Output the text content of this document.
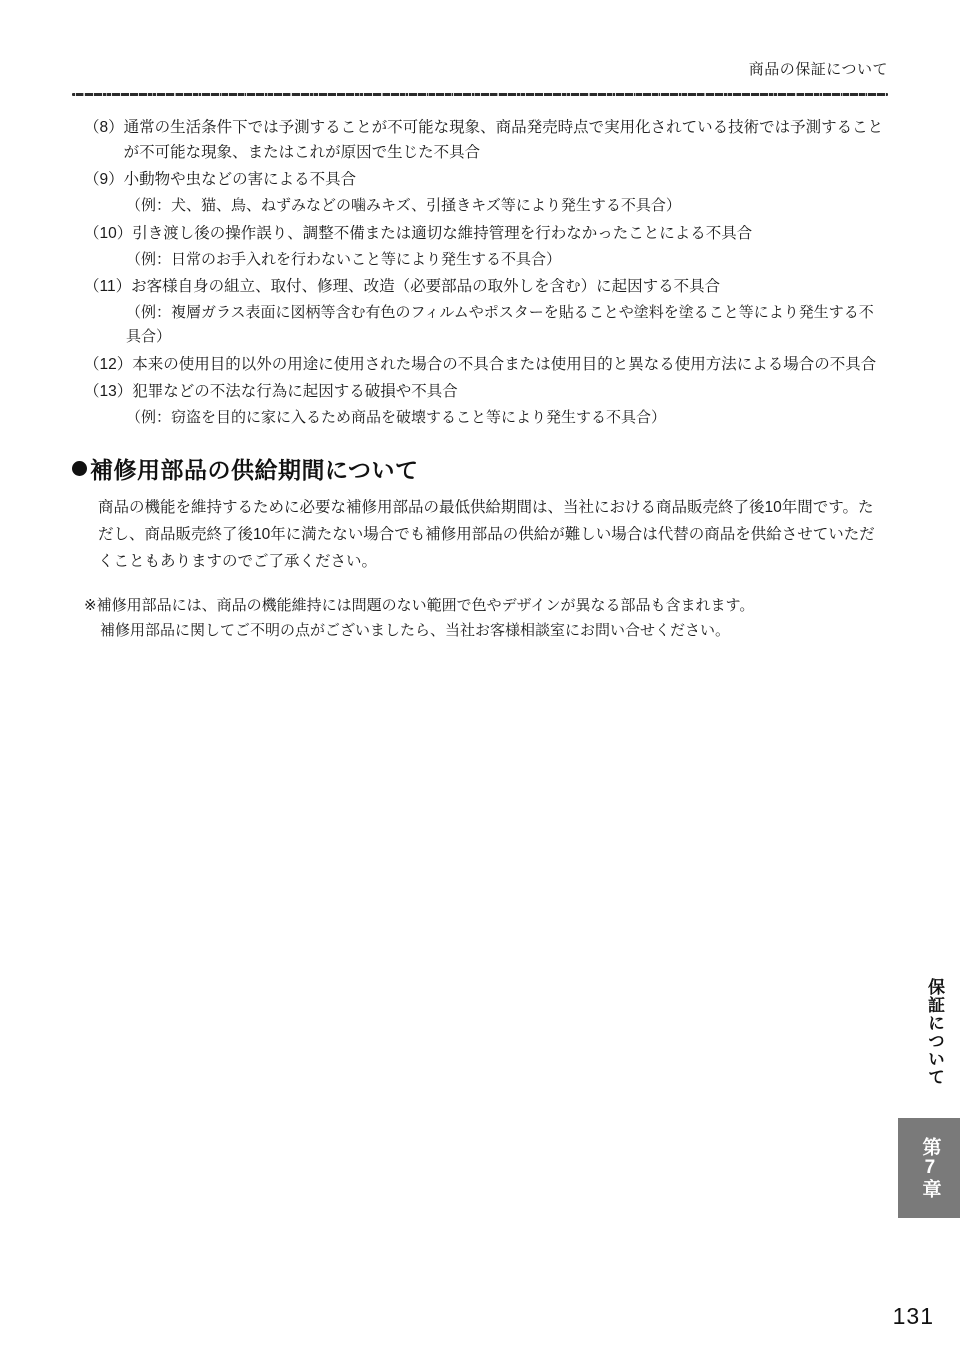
商品の保証について
（8） 通常の生活条件下では予測することが不可能な現象、商品発売時点で実用化されている技術では予測することが不可能な現象、またはこれが原因で生じた不具合
（9） 小動物や虫などの害による不具合
（例：犬、猫、鳥、ねずみなどの噛みキズ、引掻きキズ等により発生する不具合）
（10） 引き渡し後の操作誤り、調整不備または適切な維持管理を行わなかったことによる不具合
（例：日常のお手入れを行わないこと等により発生する不具合）
（11） お客様自身の組立、取付、修理、改造（必要部品の取外しを含む）に起因する不具合
（例：複層ガラス表面に図柄等含む有色のフィルムやポスターを貼ることや塗料を塗ること等により発生する不具合）
（12） 本来の使用目的以外の用途に使用された場合の不具合または使用目的と異なる使用方法による場合の不具合
（13） 犯罪などの不法な行為に起因する破損や不具合
（例：窃盗を目的に家に入るため商品を破壊すること等により発生する不具合）
補修用部品の供給期間について
商品の機能を維持するために必要な補修用部品の最低供給期間は、当社における商品販売終了後10年間です。ただし、商品販売終了後10年に満たない場合でも補修用部品の供給が難しい場合は代替の商品を供給させていただくこともありますのでご了承ください。
※補修用部品には、商品の機能維持には問題のない範囲で色やデザインが異なる部品も含まれます。
補修用部品に関してご不明の点がございましたら、当社お客様相談室にお問い合せください。
保証について
第7章
131
